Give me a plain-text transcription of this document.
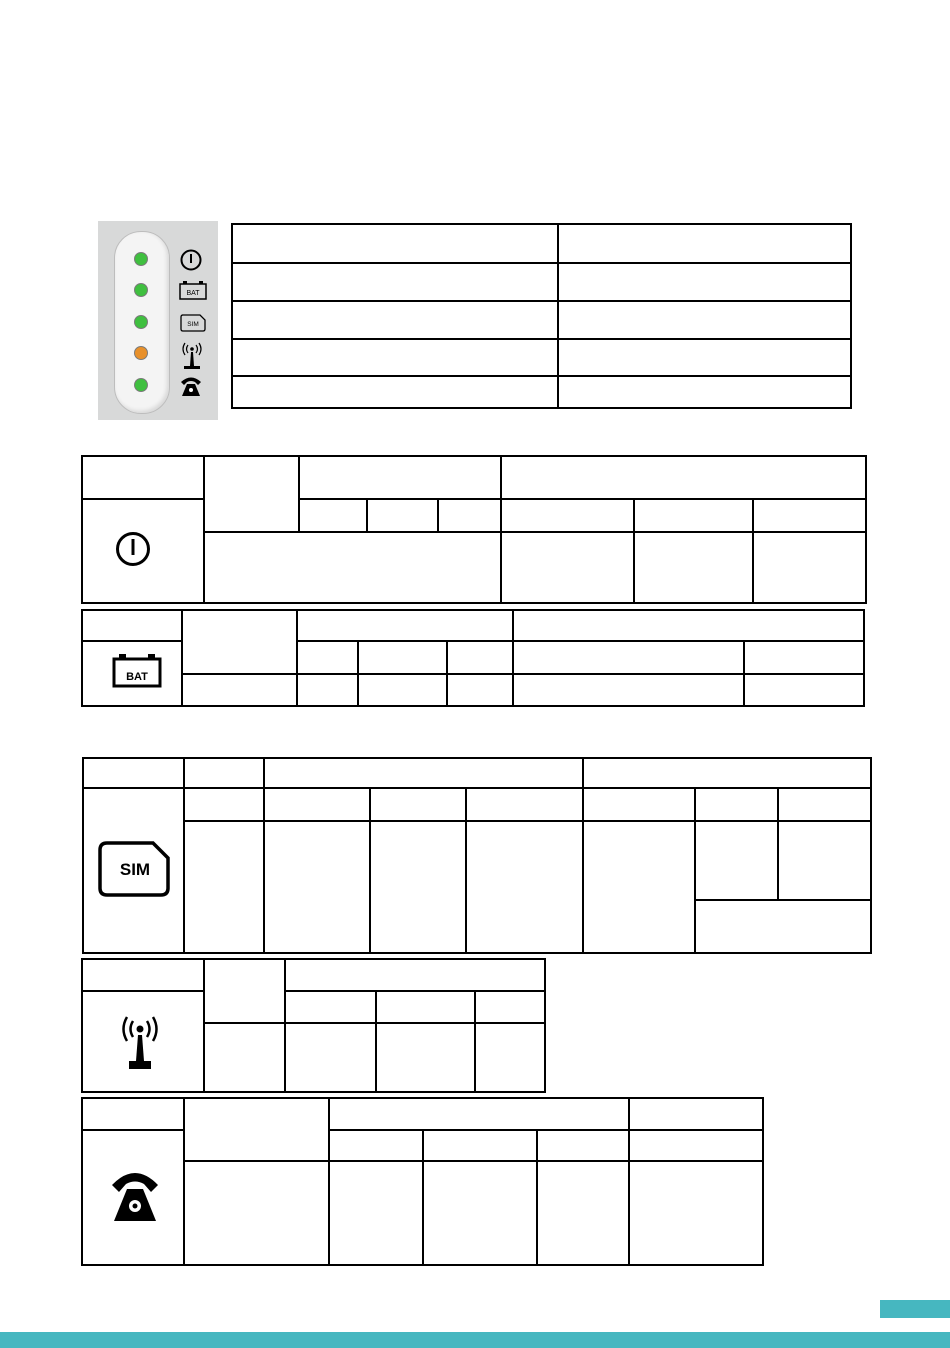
BAT
SIM
BAT
SIM
